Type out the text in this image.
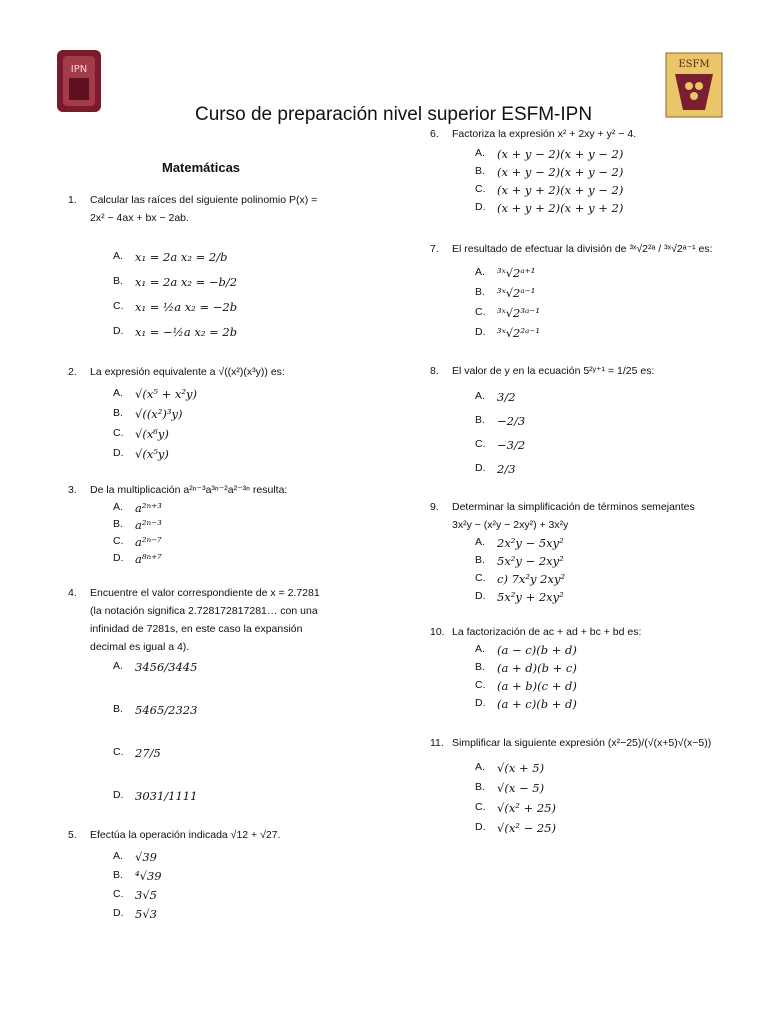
IPN	ESFM
Curso de preparación nivel superior ESFM-IPN
Matemáticas
1. Calcular las raíces del siguiente polinomio P(x) =
2x² − 4ax + bx − 2ab.
A. x₁ = 2a x₂ = 2/b
B. x₁ = 2a x₂ = −b/2
C. x₁ = ½a x₂ = −2b
D. x₁ = −½a x₂ = 2b
2. La expresión equivalente a √((x²)(x³y)) es:
A. √(x⁵ + x²y)
B. √((x²)³y)
C. √(x⁶y)
D. √(x⁵y)
3. De la multiplicación a²ⁿ⁻³a³ⁿ⁻²a²⁻³ⁿ resulta:
A. a²ⁿ⁺³
B. a²ⁿ⁻³
C. a²ⁿ⁻⁷
D. a⁸ⁿ⁺⁷
4. Encuentre el valor correspondiente de x = 2.7281
(la notación significa 2.728172817281… con una
infinidad de 7281s, en este caso la expansión
decimal es igual a 4).
A. 3456/3445
B. 5465/2323
C. 27/5
D. 3031/1111
5. Efectúa la operación indicada √12 + √27.
A. √39
B. ⁴√39
C. 3√5
D. 5√3
6. Factoriza la expresión x² + 2xy + y² − 4.
A. (x + y − 2)(x + y − 2)
B. (x + y − 2)(x + y − 2)
C. (x + y + 2)(x + y − 2)
D. (x + y + 2)(x + y + 2)
7. El resultado de efectuar la división de ³ˣ√2²ᵃ / ³ˣ√2ᵃ⁻¹ es:
A. ³ˣ√2ᵃ⁺¹
B. ³ˣ√2ᵃ⁻¹
C. ³ˣ√2³ᵃ⁻¹
D. ³ˣ√2²ᵃ⁻¹
8. El valor de y en la ecuación 5²ʸ⁺¹ = 1/25 es:
A. 3/2
B. −2/3
C. −3/2
D. 2/3
9. Determinar la simplificación de términos semejantes
3x²y − (x²y − 2xy²) + 3x²y
A. 2x²y − 5xy²
B. 5x²y − 2xy²
C. c) 7x²y 2xy²
D. 5x²y + 2xy²
10. La factorización de ac + ad + bc + bd es:
A. (a − c)(b + d)
B. (a + d)(b + c)
C. (a + b)(c + d)
D. (a + c)(b + d)
11. Simplificar la siguiente expresión (x²−25)/(√(x+5)√(x−5))
A. √(x + 5)
B. √(x − 5)
C. √(x² + 25)
D. √(x² − 25)
